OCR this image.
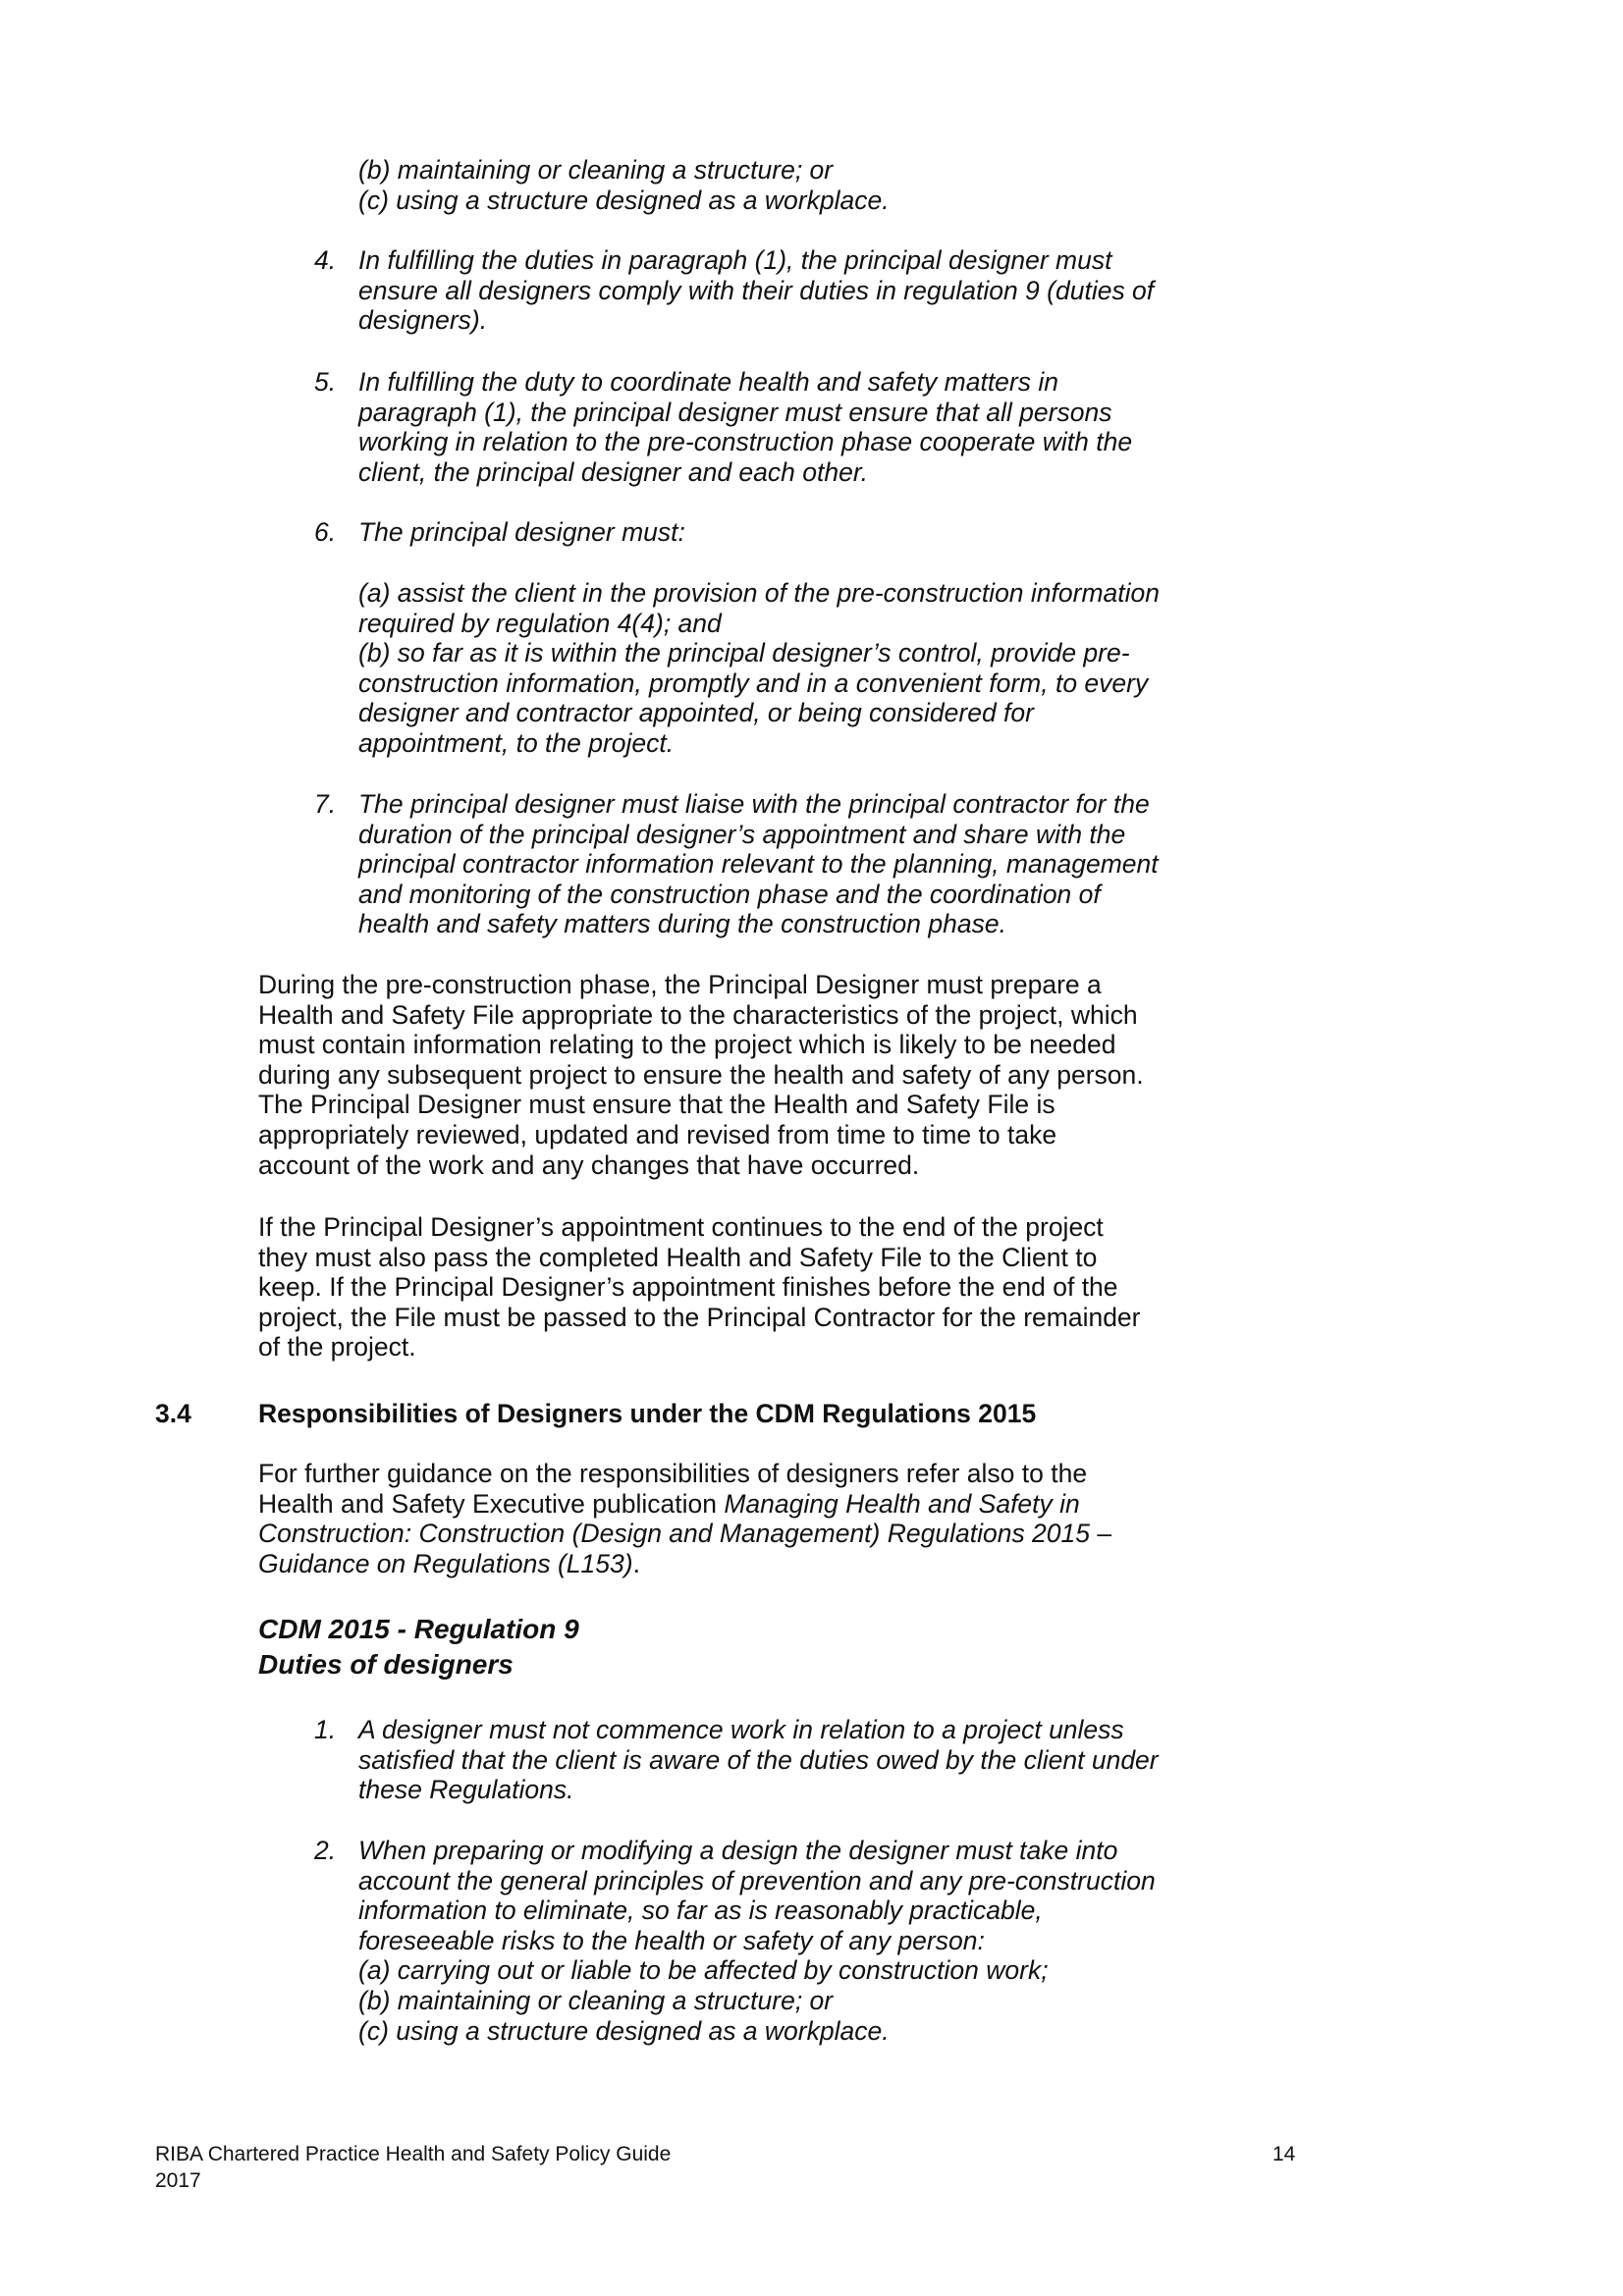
(b) maintaining or cleaning a structure; or
(c) using a structure designed as a workplace.
4. In fulfilling the duties in paragraph (1), the principal designer must
ensure all designers comply with their duties in regulation 9 (duties of
designers).
5. In fulfilling the duty to coordinate health and safety matters in
paragraph (1), the principal designer must ensure that all persons
working in relation to the pre-construction phase cooperate with the
client, the principal designer and each other.
6. The principal designer must:
(a) assist the client in the provision of the pre-construction information
required by regulation 4(4); and
(b) so far as it is within the principal designer’s control, provide pre-
construction information, promptly and in a convenient form, to every
designer and contractor appointed, or being considered for
appointment, to the project.
7. The principal designer must liaise with the principal contractor for the
duration of the principal designer’s appointment and share with the
principal contractor information relevant to the planning, management
and monitoring of the construction phase and the coordination of
health and safety matters during the construction phase.
During the pre-construction phase, the Principal Designer must prepare a
Health and Safety File appropriate to the characteristics of the project, which
must contain information relating to the project which is likely to be needed
during any subsequent project to ensure the health and safety of any person.
The Principal Designer must ensure that the Health and Safety File is
appropriately reviewed, updated and revised from time to time to take
account of the work and any changes that have occurred.
If the Principal Designer’s appointment continues to the end of the project
they must also pass the completed Health and Safety File to the Client to
keep. If the Principal Designer’s appointment finishes before the end of the
project, the File must be passed to the Principal Contractor for the remainder
of the project.
3.4	Responsibilities of Designers under the CDM Regulations 2015
For further guidance on the responsibilities of designers refer also to the
Health and Safety Executive publication Managing Health and Safety in
Construction: Construction (Design and Management) Regulations 2015 –
Guidance on Regulations (L153).
CDM 2015 - Regulation 9
Duties of designers
1. A designer must not commence work in relation to a project unless
satisfied that the client is aware of the duties owed by the client under
these Regulations.
2. When preparing or modifying a design the designer must take into
account the general principles of prevention and any pre-construction
information to eliminate, so far as is reasonably practicable,
foreseeable risks to the health or safety of any person:
(a) carrying out or liable to be affected by construction work;
(b) maintaining or cleaning a structure; or
(c) using a structure designed as a workplace.
RIBA Chartered Practice Health and Safety Policy Guide
2017
14
